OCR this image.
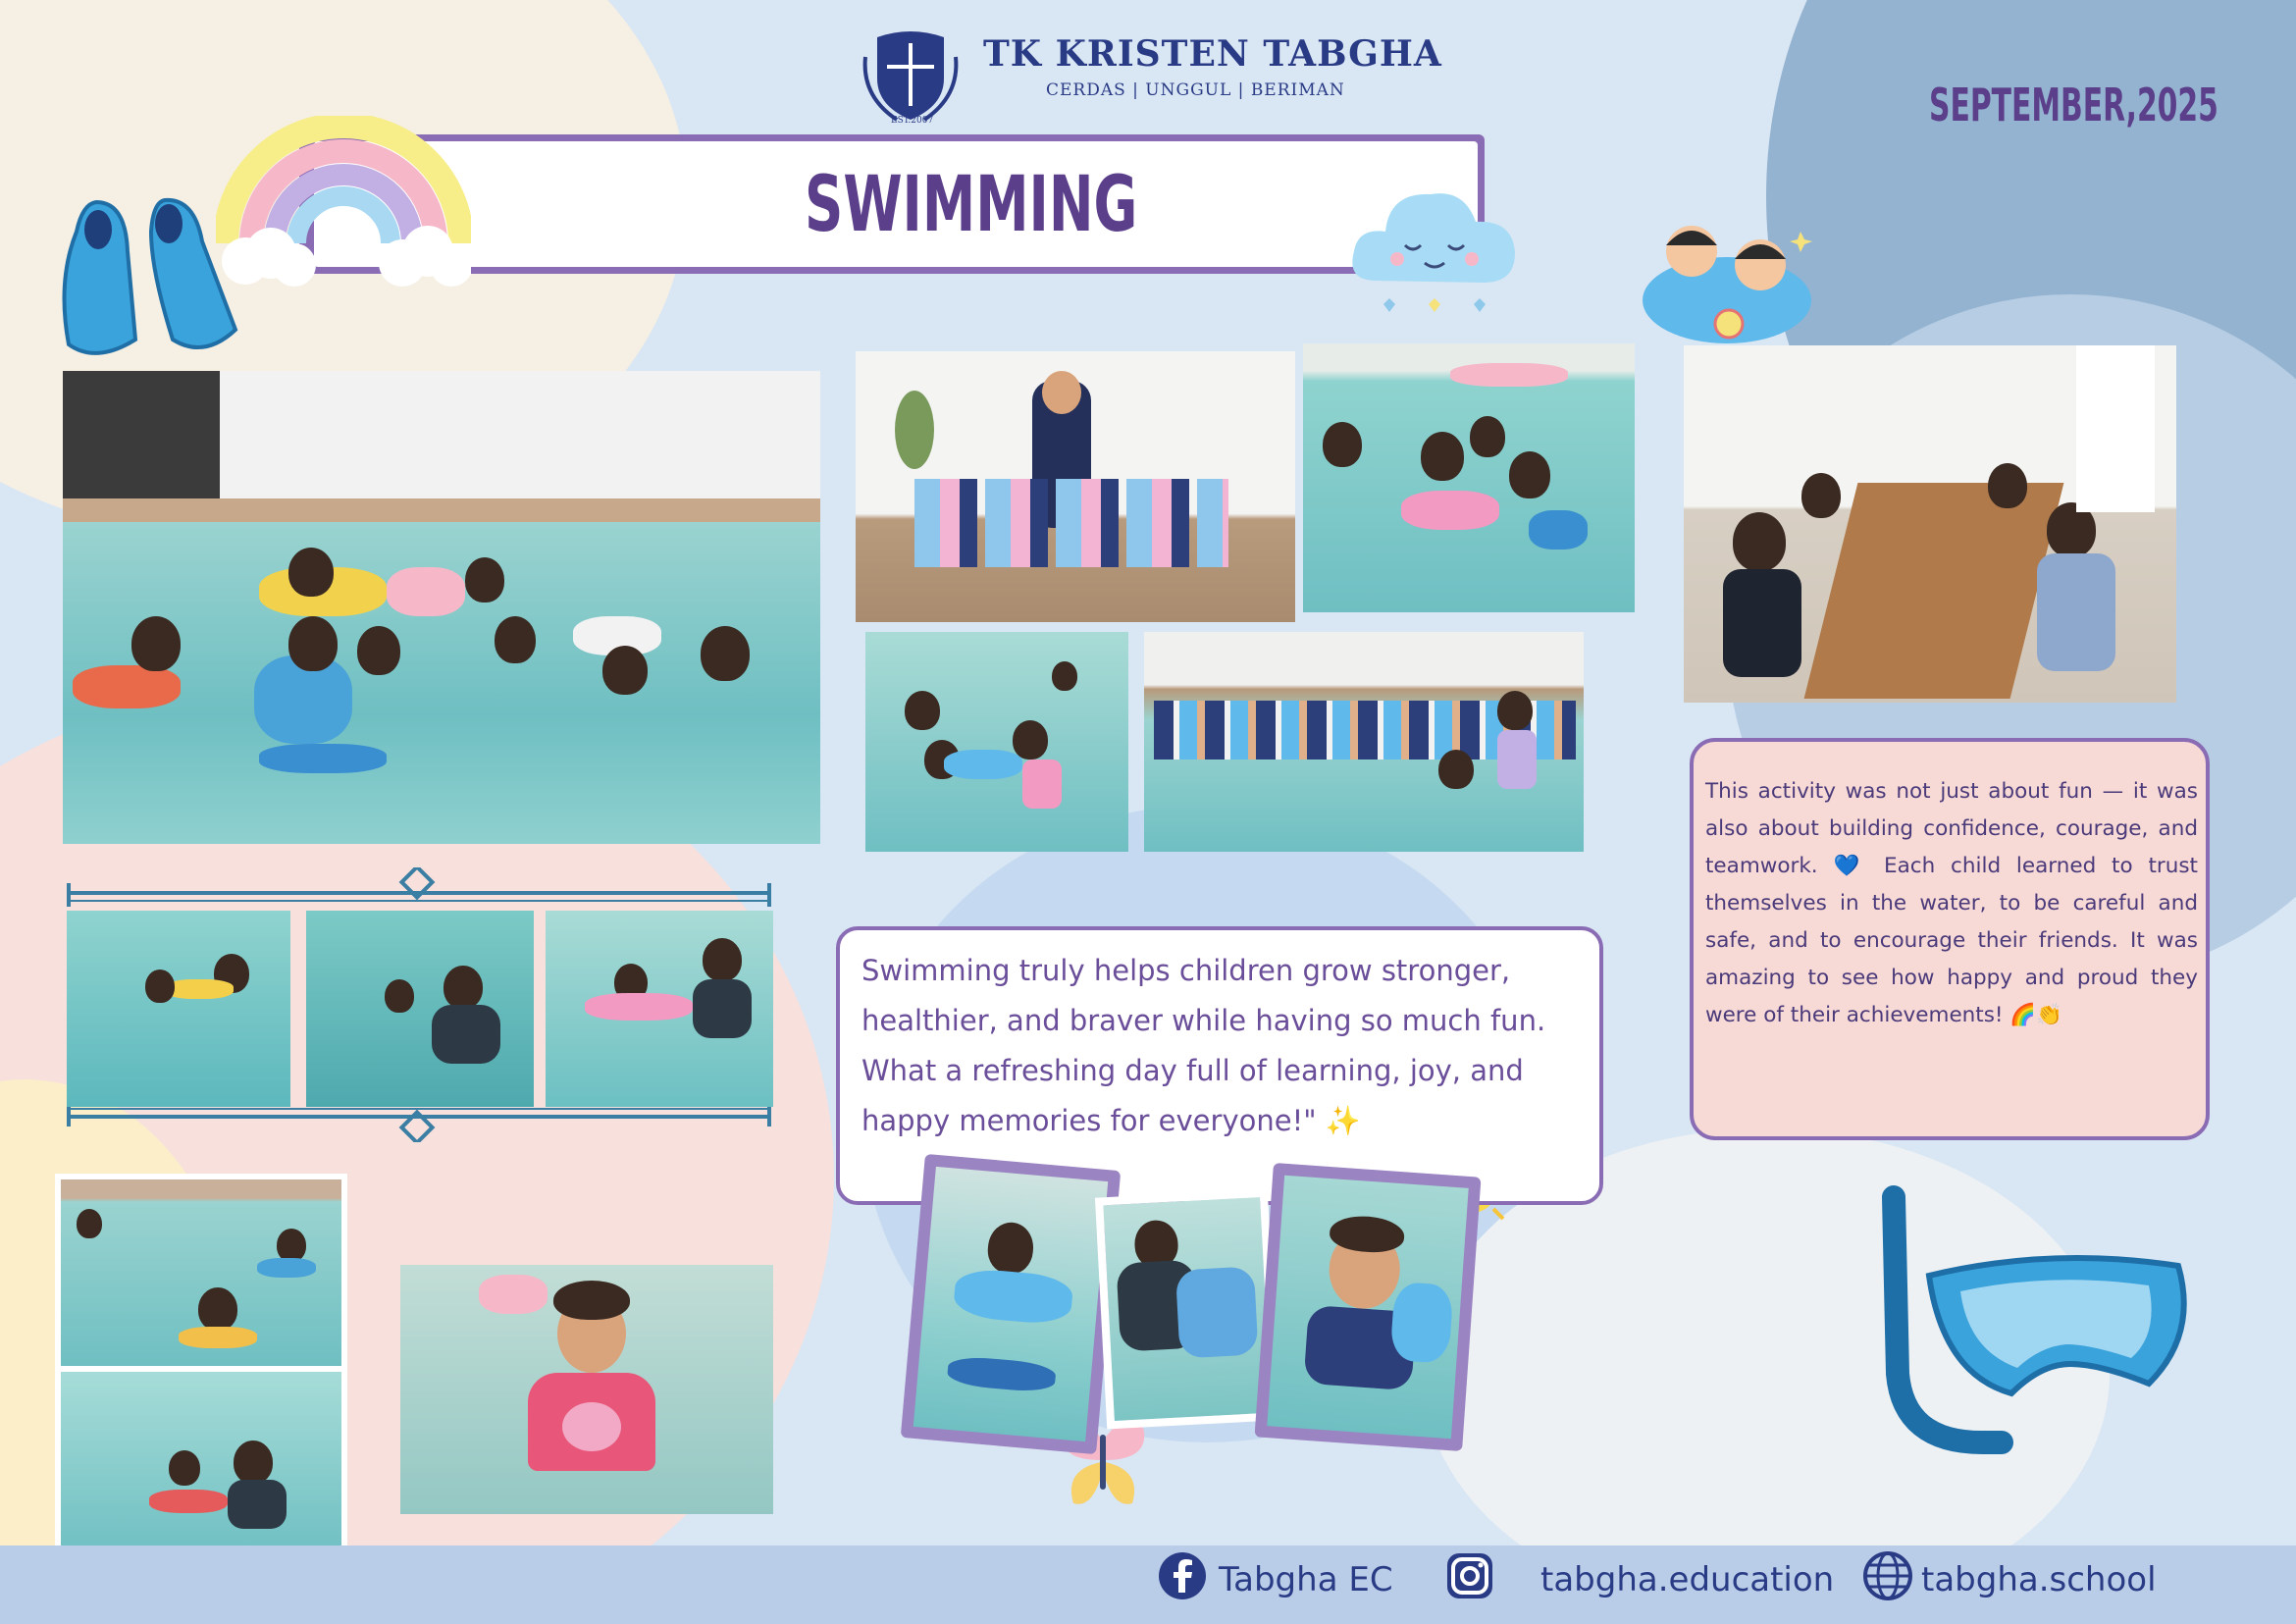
TK KRISTEN TABGHA
CERDAS | UNGGUL | BERIMAN
EST.2007	SEPTEMBER,2025
SWIMMING
Swimming truly helps children grow stronger, healthier, and braver while having so much fun. What a refreshing day full of learning, joy, and happy memories for everyone!" ✨
This activity was not just about fun — it was also about building confidence, courage, and teamwork. 💙 Each child learned to trust themselves in the water, to be careful and safe, and to encourage their friends. It was amazing to see how happy and proud they were of their achievements! 🌈👏
Tabgha EC	tabgha.education	tabgha.school
